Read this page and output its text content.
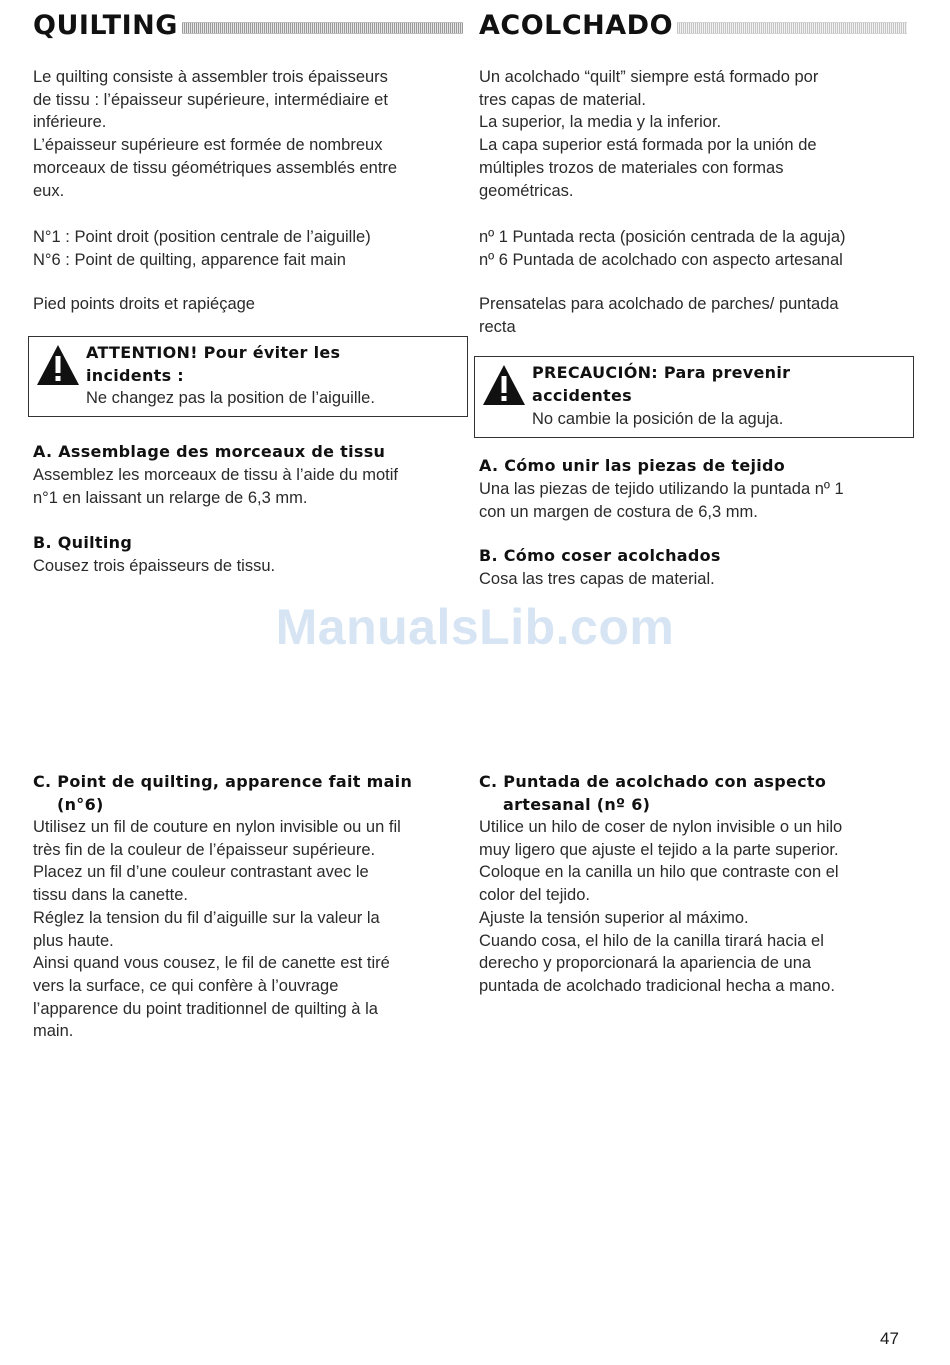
QUILTING	ACOLCHADO

Le quilting consiste à assembler trois épaisseurs

de tissu : l’épaisseur supérieure, intermédiaire et

inférieure.

L’épaisseur supérieure est formée de nombreux

morceaux de tissu géométriques assemblés entre

eux.

N°1 : Point droit (position centrale de l’aiguille)

N°6 : Point de quilting, apparence fait main

Pied points droits et rapiéçage

ATTENTION! Pour éviter les
incidents :
Ne changez pas la position de l’aiguille.
A. Assemblage des morceaux de tissu

Assemblez les morceaux de tissu à l’aide du motif

n°1 en laissant un relarge de 6,3 mm.

B. Quilting

Cousez trois épaisseurs de tissu.

C. Point de quilting, apparence fait main
(n°6)

Utilisez un fil de couture en nylon invisible ou un fil

très fin de la couleur de l’épaisseur supérieure.

Placez un fil d’une couleur contrastant avec le

tissu dans la canette.

Réglez la tension du fil d’aiguille sur la valeur la

plus haute.

Ainsi quand vous cousez, le fil de canette est tiré

vers la surface, ce qui confère à l’ouvrage

l’apparence du point traditionnel de quilting à la

main.

Un acolchado “quilt” siempre está formado por

tres capas de material.

La superior, la media y la inferior.

La capa superior está formada por la unión de

múltiples trozos de materiales con formas

geométricas.

nº 1 Puntada recta (posición centrada de la aguja)

nº 6 Puntada de acolchado con aspecto artesanal

Prensatelas para acolchado de parches/ puntada

recta

PRECAUCIÓN: Para prevenir
accidentes
No cambie la posición de la aguja.
A. Cómo unir las piezas de tejido

Una las piezas de tejido utilizando la puntada nº 1

con un margen de costura de 6,3 mm.

B. Cómo coser acolchados

Cosa las tres capas de material.

C. Puntada de acolchado con aspecto
artesanal (nº 6)

Utilice un hilo de coser de nylon invisible o un hilo

muy ligero que ajuste el tejido a la parte superior.

Coloque en la canilla un hilo que contraste con el

color del tejido.

Ajuste la tensión superior al máximo.

Cuando cosa, el hilo de la canilla tirará hacia el

derecho y proporcionará la apariencia de una

puntada de acolchado tradicional hecha a mano.

ManualsLib.com
47
